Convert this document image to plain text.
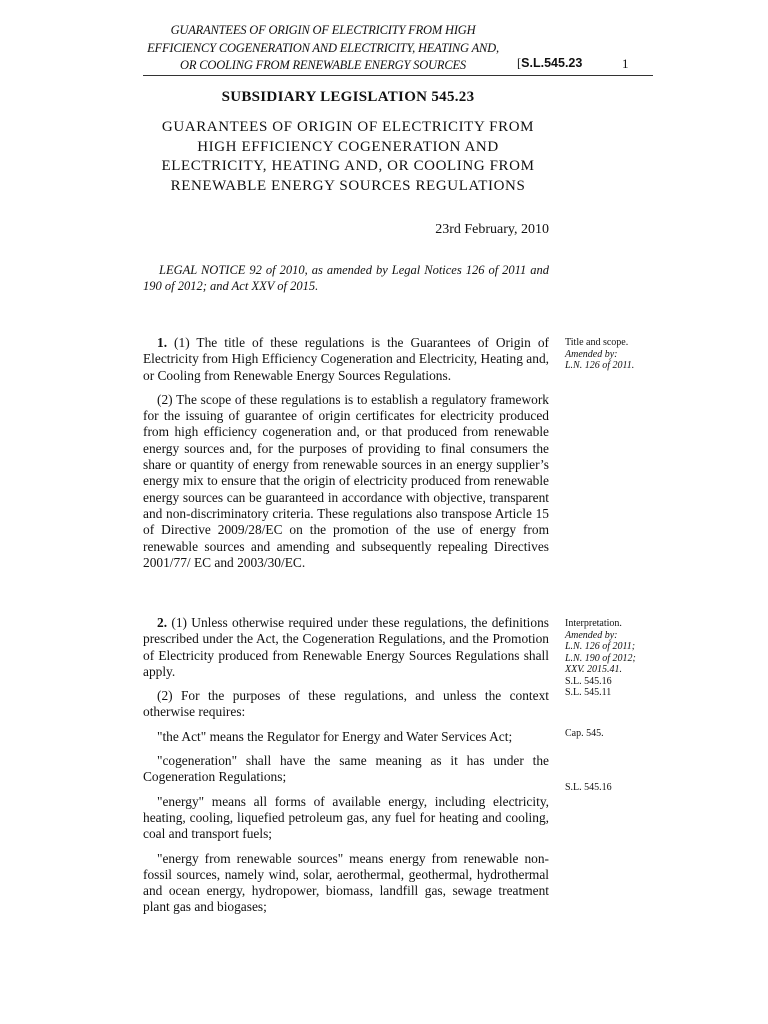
GUARANTEES OF ORIGIN OF ELECTRICITY FROM HIGH EFFICIENCY COGENERATION AND ELECTRICITY, HEATING AND, OR COOLING FROM RENEWABLE ENERGY SOURCES	[S.L.545.23	1
SUBSIDIARY LEGISLATION 545.23
GUARANTEES OF ORIGIN OF ELECTRICITY FROM HIGH EFFICIENCY COGENERATION AND ELECTRICITY, HEATING AND, OR COOLING FROM RENEWABLE ENERGY SOURCES REGULATIONS
23rd February, 2010
LEGAL NOTICE 92 of 2010, as amended by Legal Notices 126 of 2011 and 190 of 2012; and Act XXV of 2015.

1. (1) The title of these regulations is the Guarantees of Origin of Electricity from High Efficiency Cogeneration and Electricity, Heating and, or Cooling from Renewable Energy Sources Regulations.

(2) The scope of these regulations is to establish a regulatory framework for the issuing of guarantee of origin certificates for electricity produced from high efficiency cogeneration and, or that produced from renewable energy sources and, for the purposes of providing to final consumers the share or quantity of energy from renewable sources in an energy supplier’s energy mix to ensure that the origin of electricity produced from renewable energy sources can be guaranteed in accordance with objective, transparent and non-discriminatory criteria. These regulations also transpose Article 15 of Directive 2009/28/EC on the promotion of the use of energy from renewable sources and amending and subsequently repealing Directives 2001/77/ EC and 2003/30/EC.

2. (1) Unless otherwise required under these regulations, the definitions prescribed under the Act, the Cogeneration Regulations, and the Promotion of Electricity produced from Renewable Energy Sources Regulations shall apply.

(2) For the purposes of these regulations, and unless the context otherwise requires:

"the Act" means the Regulator for Energy and Water Services Act;

"cogeneration" shall have the same meaning as it has under the Cogeneration Regulations;

"energy" means all forms of available energy, including electricity, heating, cooling, liquefied petroleum gas, any fuel for heating and cooling, coal and transport fuels;

"energy from renewable sources" means energy from renewable non-fossil sources, namely wind, solar, aerothermal, geothermal, hydrothermal and ocean energy, hydropower, biomass, landfill gas, sewage treatment plant gas and biogases;

Title and scope.
Amended by:
L.N. 126 of 2011.
Interpretation.
Amended by:
L.N. 126 of 2011;
L.N. 190 of 2012;
XXV. 2015.41.
S.L. 545.16
S.L. 545.11
Cap. 545.
S.L. 545.16
